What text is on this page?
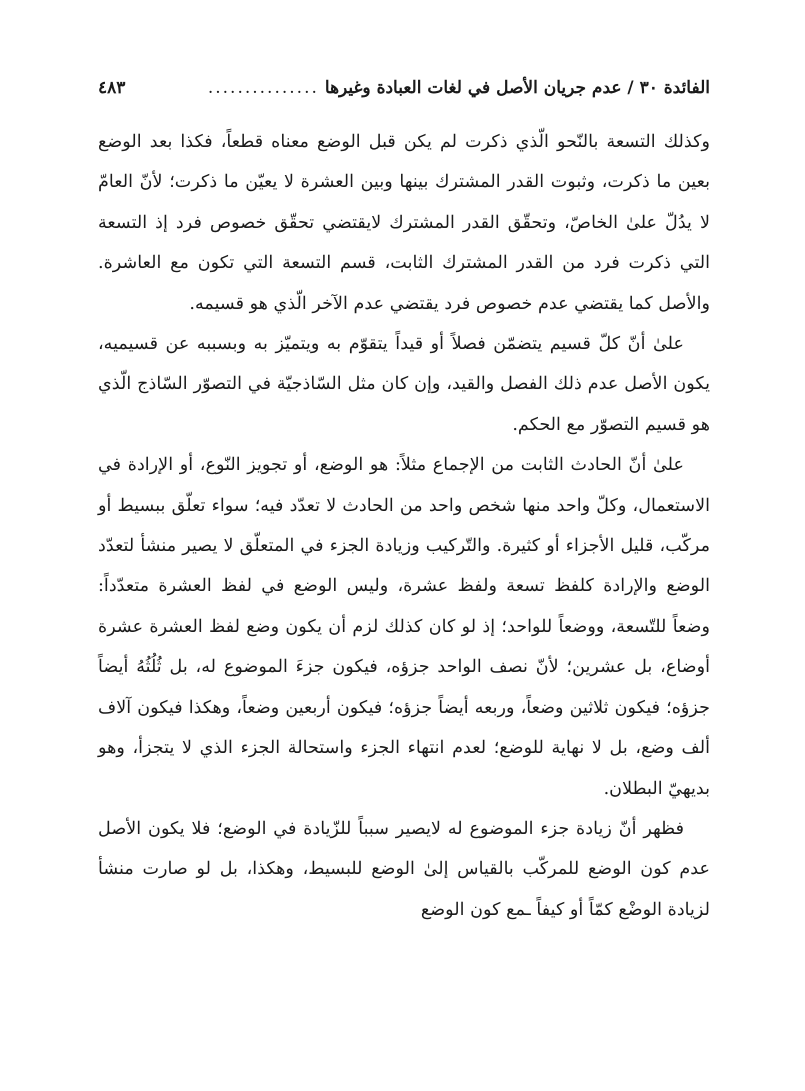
الفائدة ٣٠ / عدم جريان الأصل في لغات العبادة وغيرها
...............
٤٨٣

وكذلك التسعة بالنّحو الّذي ذكرت لم يكن قبل الوضع معناه قطعاً، فكذا بعد الوضع بعين ما ذكرت، وثبوت القدر المشترك بينها وبين العشرة لا يعيّن ما ذكرت؛ لأنّ العامّ لا يدُلّ علىٰ الخاصّ، وتحقّق القدر المشترك لايقتضي تحقّق خصوص فرد إذ التسعة التي ذكرت فرد من القدر المشترك الثابت، قسم التسعة التي تكون مع العاشرة. والأصل كما يقتضي عدم خصوص فرد يقتضي عدم الآخر الّذي هو قسيمه.

علىٰ أنّ كلّ قسيم يتضمّن فصلاً أو قيداً يتقوّم به ويتميّز به وبسببه عن قسيميه، يكون الأصل عدم ذلك الفصل والقيد، وإن كان مثل السّاذجيّة في التصوّر السّاذج الّذي هو قسيم التصوّر مع الحكم.

علىٰ أنّ الحادث الثابت من الإجماع مثلاً: هو الوضع، أو تجويز النّوع، أو الإرادة في الاستعمال، وكلّ واحد منها شخص واحد من الحادث لا تعدّد فيه؛ سواء تعلّق ببسيط أو مركّب، قليل الأجزاء أو كثيرة. والتّركيب وزيادة الجزء في المتعلّق لا يصير منشأ لتعدّد الوضع والإرادة كلفظ تسعة ولفظ عشرة، وليس الوضع في لفظ العشرة متعدّداً: وضعاً للتّسعة، ووضعاً للواحد؛ إذ لو كان كذلك لزم أن يكون وضع لفظ العشرة عشرة أوضاع، بل عشرين؛ لأنّ نصف الواحد جزؤه، فيكون جزءَ الموضوع له، بل ثُلُثُهُ أيضاً جزؤه؛ فيكون ثلاثين وضعاً، وربعه أيضاً جزؤه؛ فيكون أربعين وضعاً، وهكذا فيكون آلاف ألف وضع، بل لا نهاية للوضع؛ لعدم انتهاء الجزء واستحالة الجزء الذي لا يتجزأ، وهو بديهيّ البطلان.

فظهر أنّ زيادة جزء الموضوع له لايصير سبباً للزّيادة في الوضع؛ فلا يكون الأصل عدم كون الوضع للمركّب بالقياس إلىٰ الوضع للبسيط، وهكذا، بل لو صارت منشأ لزيادة الوضْع كمّاً أو كيفاً ـمع كون الوضع
